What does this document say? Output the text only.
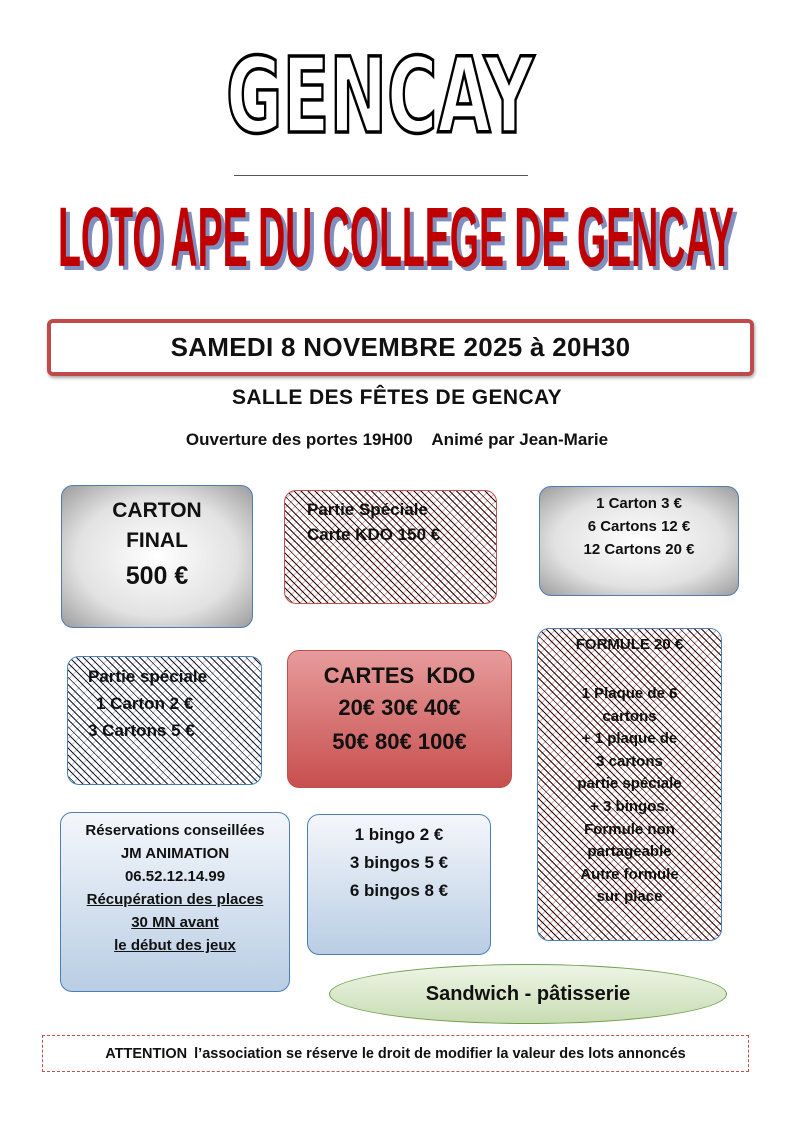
GENCAY
LOTO APE DU COLLEGE DE GENCAY
LOTO APE DU COLLEGE DE GENCAY
SAMEDI 8 NOVEMBRE 2025 à 20H30
SALLE DES FÊTES DE GENCAY
Ouverture des portes 19H00 Animé par Jean-Marie
CARTON
FINAL
500 €
Partie Spéciale
Carte KDO 150 €
1 Carton 3 €
6 Cartons 12 €
12 Cartons 20 €
Partie spéciale
1 Carton 2 €
3 Cartons 5 €
CARTES  KDO
20€ 30€ 40€
50€ 80€ 100€
FORMULE 20 €
1 Plaque de 6
cartons
+ 1 plaque de
3 cartons
partie spéciale
+ 3 bingos.
Formule non
partageable
Autre formule
sur place
Réservations conseillées
JM ANIMATION
06.52.12.14.99
Récupération des places
30 MN avant
le début des jeux
1 bingo 2 €
3 bingos 5 €
6 bingos 8 €
Sandwich - pâtisserie
ATTENTION l’association se réserve le droit de modifier la valeur des lots annoncés
